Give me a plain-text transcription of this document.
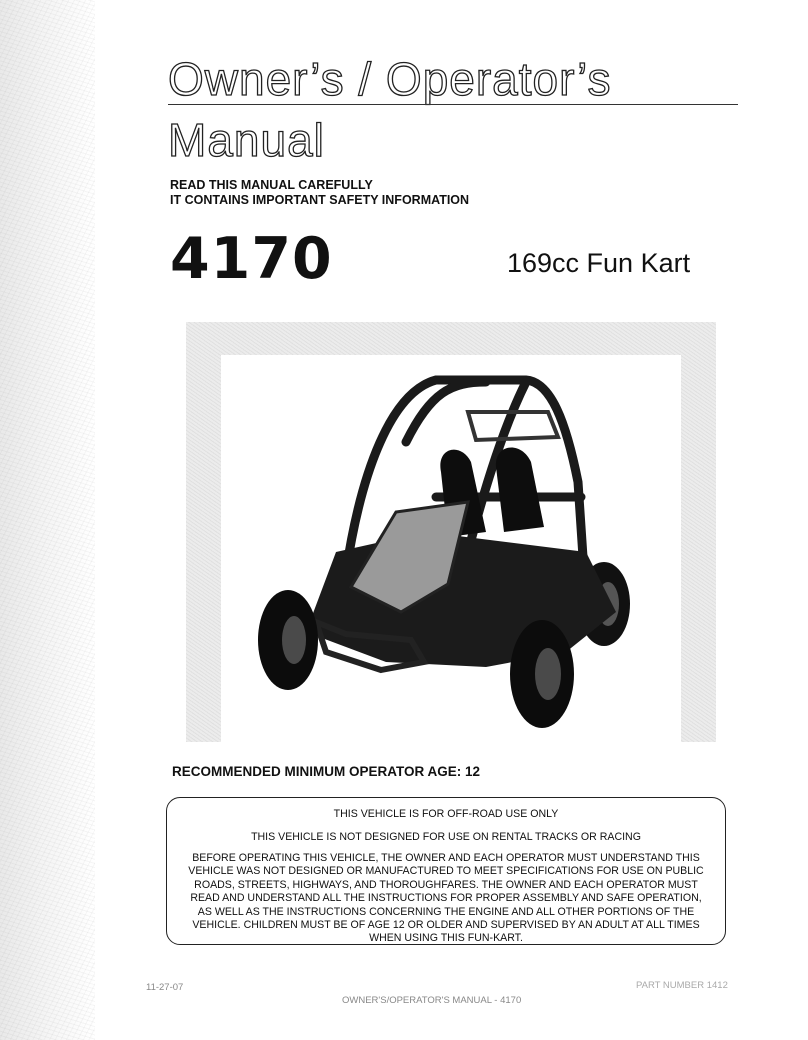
Owner’s / Operator’s
Manual
READ THIS MANUAL CAREFULLY
IT CONTAINS IMPORTANT SAFETY INFORMATION
4170	169cc Fun Kart
RECOMMENDED MINIMUM OPERATOR AGE: 12
THIS VEHICLE IS FOR OFF-ROAD USE ONLY
THIS VEHICLE IS NOT DESIGNED FOR USE ON RENTAL TRACKS OR RACING
BEFORE OPERATING THIS VEHICLE, THE OWNER AND EACH OPERATOR MUST UNDERSTAND THIS VEHICLE WAS NOT DESIGNED OR MANUFACTURED TO MEET SPECIFICATIONS FOR USE ON PUBLIC ROADS, STREETS, HIGHWAYS, AND THOROUGHFARES. THE OWNER AND EACH OPERATOR MUST READ AND UNDERSTAND ALL THE INSTRUCTIONS FOR PROPER ASSEMBLY AND SAFE OPERATION, AS WELL AS THE INSTRUCTIONS CONCERNING THE ENGINE AND ALL OTHER PORTIONS OF THE VEHICLE. CHILDREN MUST BE OF AGE 12 OR OLDER AND SUPERVISED BY AN ADULT AT ALL TIMES WHEN USING THIS FUN-KART.
11-27-07	PART NUMBER 1412
OWNER'S/OPERATOR'S MANUAL - 4170
